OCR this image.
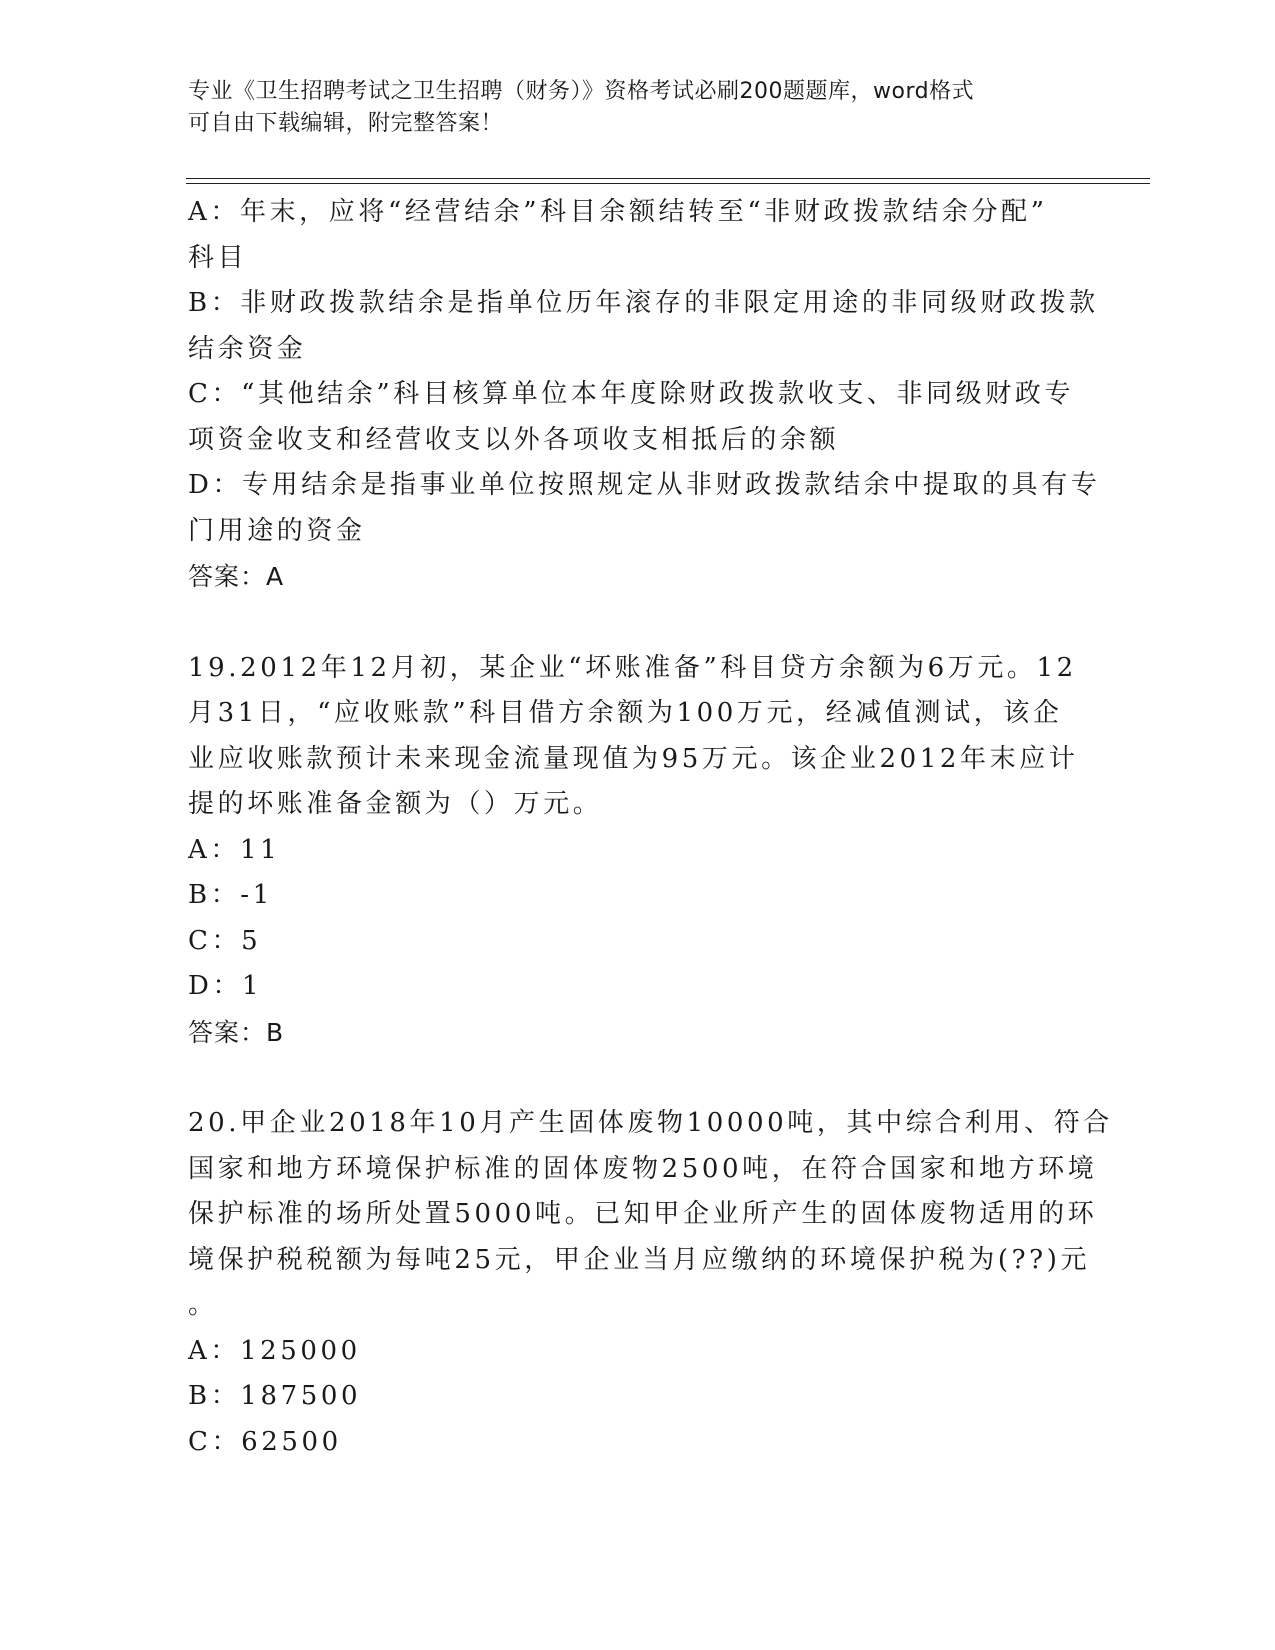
专业《卫生招聘考试之卫生招聘（财务）》资格考试必刷200题题库，word格式
可自由下载编辑，附完整答案！
A：年末，应将“经营结余”科目余额结转至“非财政拨款结余分配”
科目
B：非财政拨款结余是指单位历年滚存的非限定用途的非同级财政拨款
结余资金
C：“其他结余”科目核算单位本年度除财政拨款收支、非同级财政专
项资金收支和经营收支以外各项收支相抵后的余额
D：专用结余是指事业单位按照规定从非财政拨款结余中提取的具有专
门用途的资金
答案：A
19.2012年12月初，某企业“坏账准备”科目贷方余额为6万元。12
月31日，“应收账款”科目借方余额为100万元，经减值测试，该企
业应收账款预计未来现金流量现值为95万元。该企业2012年末应计
提的坏账准备金额为（）万元。
A：11
B：-1
C：5
D：1
答案：B
20.甲企业2018年10月产生固体废物10000吨，其中综合利用、符合
国家和地方环境保护标准的固体废物2500吨，在符合国家和地方环境
保护标准的场所处置5000吨。已知甲企业所产生的固体废物适用的环
境保护税税额为每吨25元，甲企业当月应缴纳的环境保护税为(??)元
。
A：125000
B：187500
C：62500
